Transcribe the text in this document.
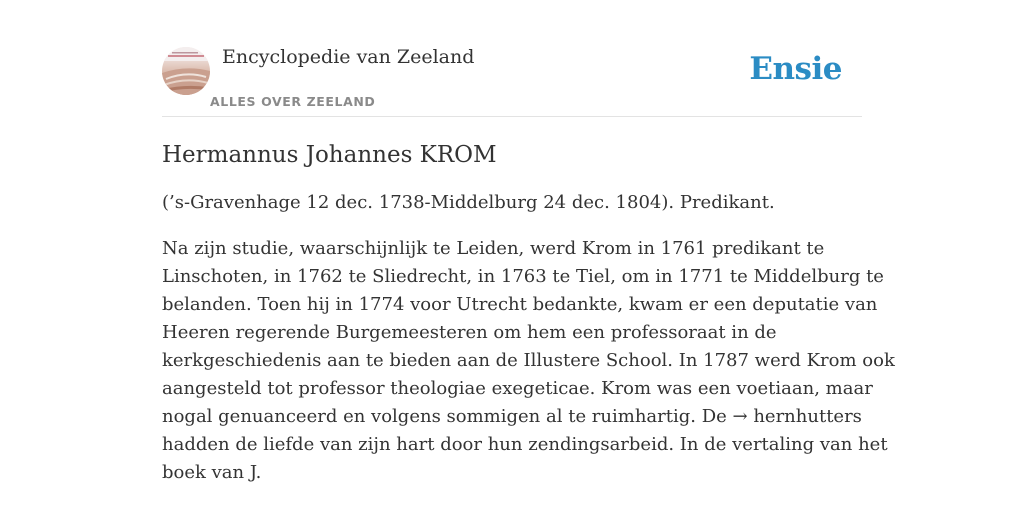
Encyclopedie van Zeeland
ALLES OVER ZEELAND
Ensie
Hermannus Johannes KROM

(’s-Gravenhage 12 dec. 1738-Middelburg 24 dec. 1804). Predikant.

Na zijn studie, waarschijnlijk te Leiden, werd Krom in 1761 predikant te
Linschoten, in 1762 te Sliedrecht, in 1763 te Tiel, om in 1771 te Middelburg te
belanden. Toen hij in 1774 voor Utrecht bedankte, kwam er een deputatie van
Heeren regerende Burgemeesteren om hem een professoraat in de
kerkgeschiedenis aan te bieden aan de Illustere School. In 1787 werd Krom ook
aangesteld tot professor theologiae exegeticae. Krom was een voetiaan, maar
nogal genuanceerd en volgens sommigen al te ruimhartig. De → hernhutters
hadden de liefde van zijn hart door hun zendingsarbeid. In de vertaling van het
boek van J.
